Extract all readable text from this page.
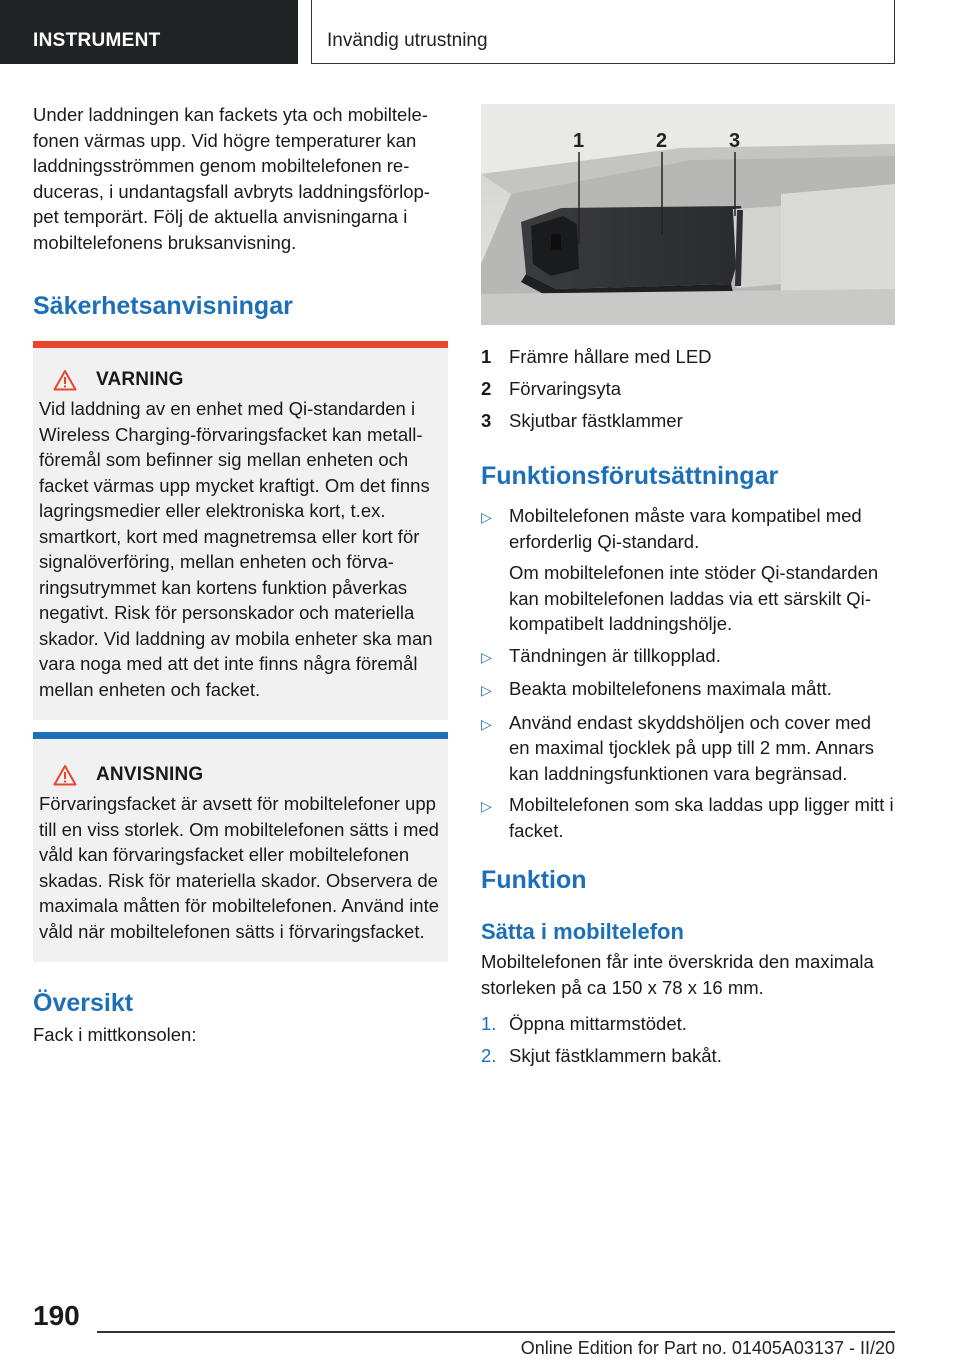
INSTRUMENT	Invändig utrustning

Under laddningen kan fackets yta och mobiltelefonen värmas upp. Vid högre temperaturer kan laddningsströmmen genom mobiltelefonen reduceras, i undantagsfall avbryts laddningsförloppet temporärt. Följ de aktuella anvisningarna i mobiltelefonens bruksanvisning.

Säkerhetsanvisningar
VARNING

Vid laddning av en enhet med Qi-standarden i Wireless Charging-förvaringsfacket kan metallföremål som befinner sig mellan enheten och facket värmas upp mycket kraftigt. Om det finns lagringsmedier eller elektroniska kort, t.ex. smartkort, kort med magnetremsa eller kort för signalöverföring, mellan enheten och förvaringsutrymmet kan kortens funktion påverkas negativt. Risk för personskador och materiella skador. Vid laddning av mobila enheter ska man vara noga med att det inte finns några föremål mellan enheten och facket.

ANVISNING

Förvaringsfacket är avsett för mobiltelefoner upp till en viss storlek. Om mobiltelefonen sätts i med våld kan förvaringsfacket eller mobiltelefonen skadas. Risk för materiella skador. Observera de maximala måtten för mobiltelefonen. Använd inte våld när mobiltelefonen sätts i förvaringsfacket.

Översikt

Fack i mittkonsolen:

1	2	3
1 Främre hållare med LED
2 Förvaringsyta
3 Skjutbar fästklammer
Funktionsförutsättningar
▷ Mobiltelefonen måste vara kompatibel med erforderlig Qi-standard.
Om mobiltelefonen inte stöder Qi-standarden kan mobiltelefonen laddas via ett särskilt Qi-kompatibelt laddningshölje.
▷ Tändningen är tillkopplad.
▷ Beakta mobiltelefonens maximala mått.
▷ Använd endast skyddshöljen och cover med en maximal tjocklek på upp till 2 mm. Annars kan laddningsfunktionen vara begränsad.
▷ Mobiltelefonen som ska laddas upp ligger mitt i facket.
Funktion
Sätta i mobiltelefon

Mobiltelefonen får inte överskrida den maximala storleken på ca 150 x 78 x 16 mm.

1. Öppna mittarmstödet.
2. Skjut fästklammern bakåt.
190
Online Edition for Part no. 01405A03137 - II/20
